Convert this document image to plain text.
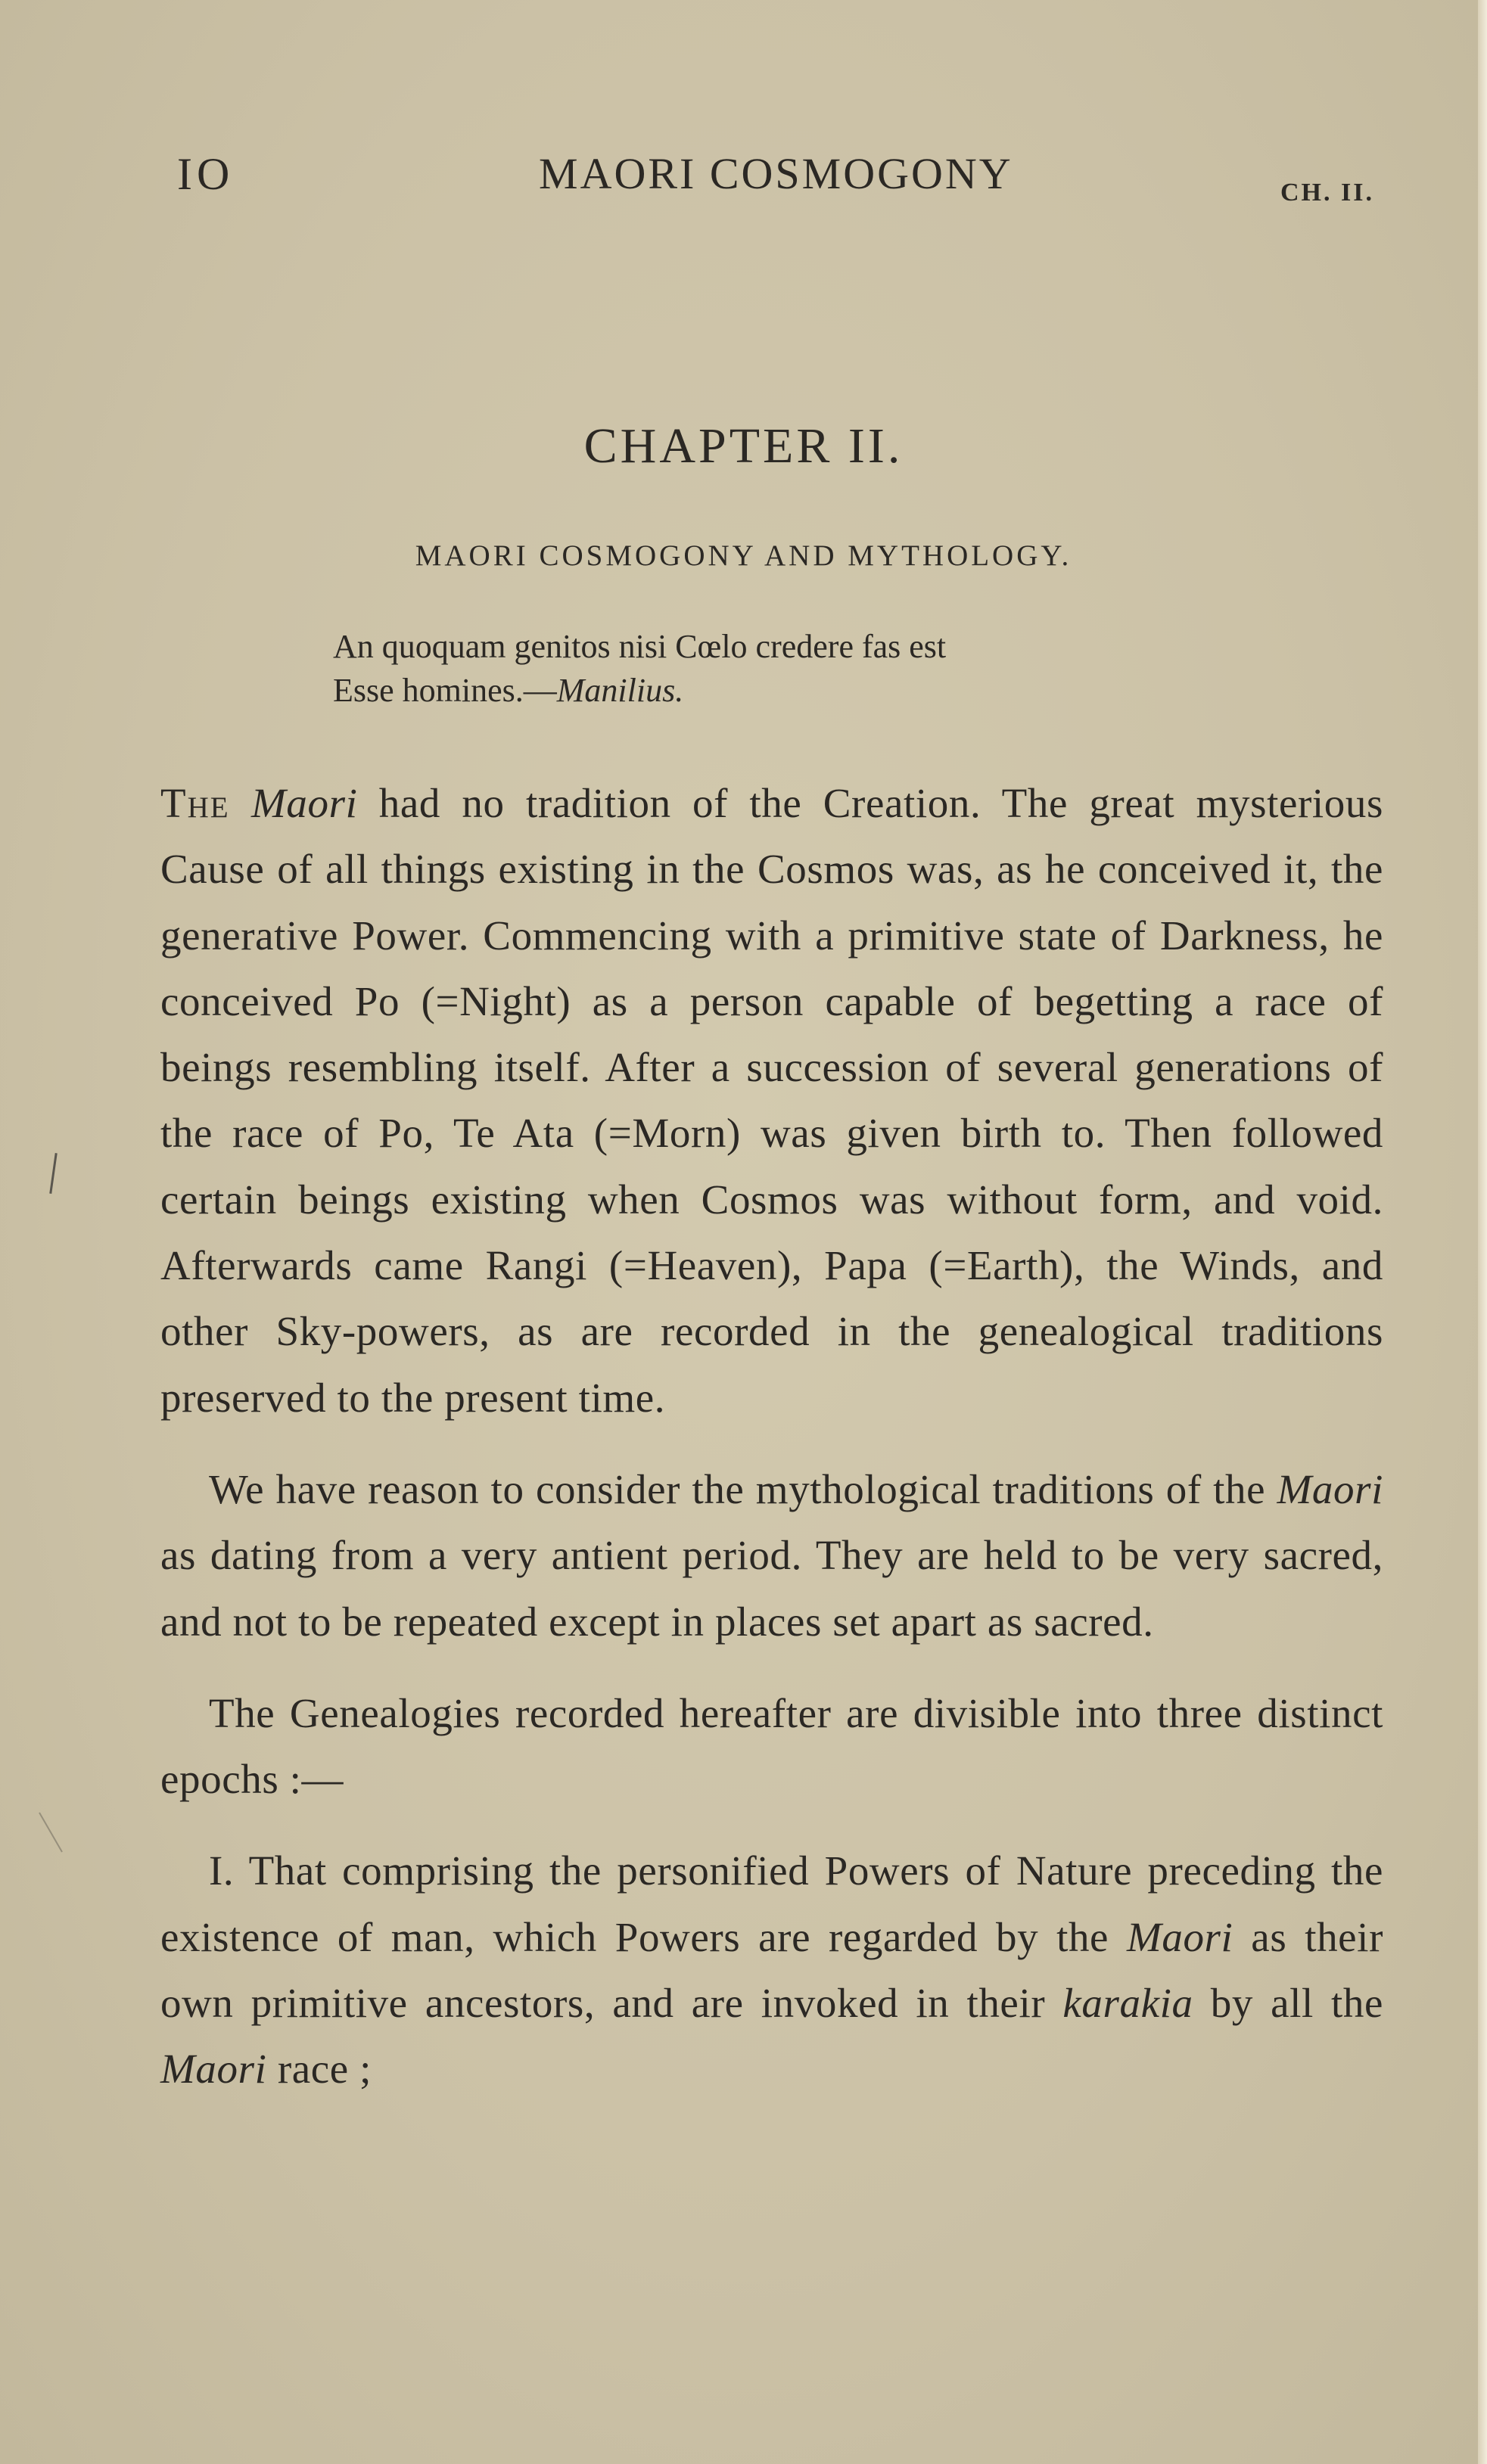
IO	MAORI COSMOGONY	CH. II.
CHAPTER II.
MAORI COSMOGONY AND MYTHOLOGY.
An quoquam genitos nisi Cœlo credere fas est
Esse homines.—Manilius.

The Maori had no tradition of the Creation. The great mysterious Cause of all things existing in the Cosmos was, as he conceived it, the generative Power. Commencing with a primitive state of Darkness, he conceived Po (=Night) as a person capable of begetting a race of beings resembling itself. After a succession of several generations of the race of Po, Te Ata (=Morn) was given birth to. Then followed certain beings existing when Cosmos was without form, and void. Afterwards came Rangi (=Heaven), Papa (=Earth), the Winds, and other Sky-powers, as are recorded in the genealogical traditions preserved to the present time.

We have reason to consider the mythological traditions of the Maori as dating from a very antient period. They are held to be very sacred, and not to be repeated except in places set apart as sacred.

The Genealogies recorded hereafter are divisible into three distinct epochs :—

I. That comprising the personified Powers of Nature preceding the existence of man, which Powers are regarded by the Maori as their own primitive ancestors, and are invoked in their karakia by all the Maori race ;
